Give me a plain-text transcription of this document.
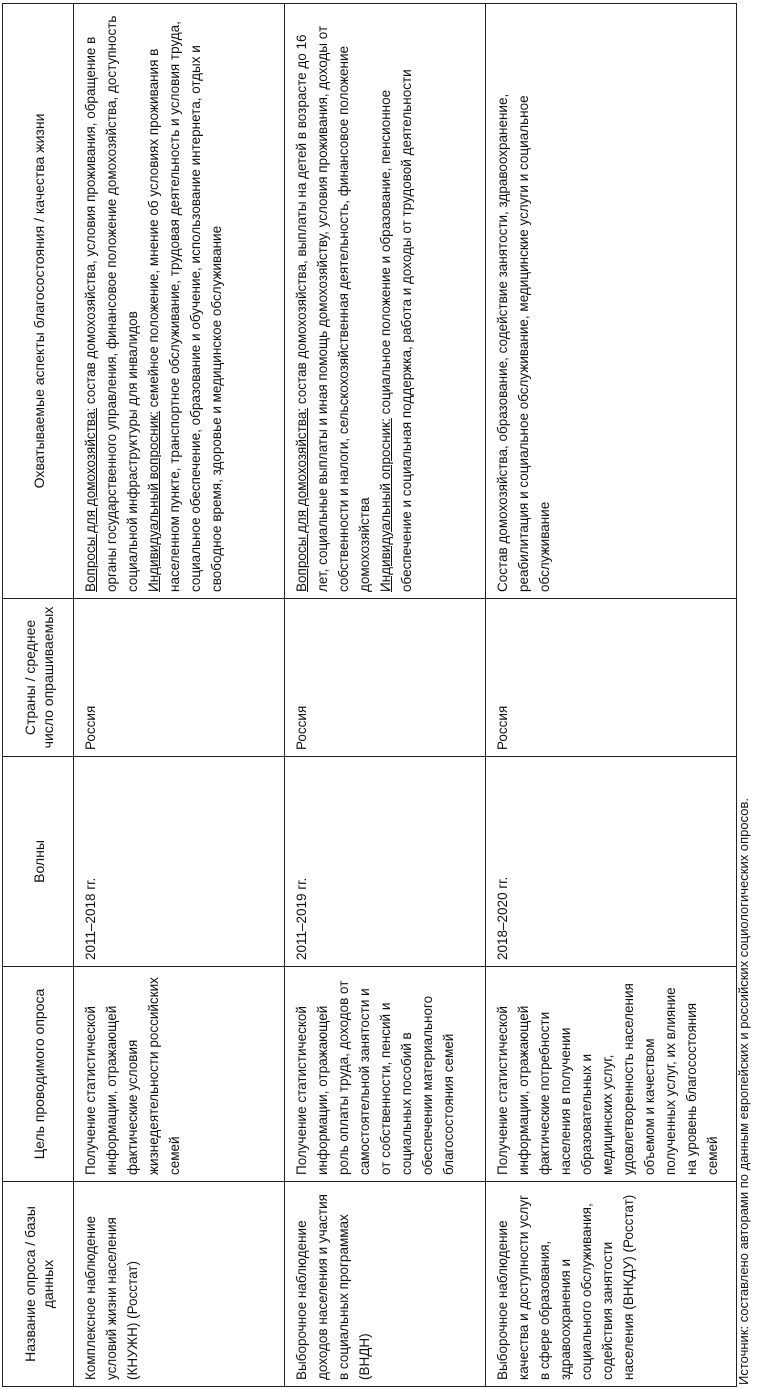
Название опроса / базы данных	Цель проводимого опроса	Волны	Страны / среднее число опрашиваемых	Охватываемые аспекты благосостояния / качества жизни
Комплексное наблюдение условий жизни населения (КНУЖН) (Росстат)	Получение статистической информации, отражающей фактические условия жизнедеятельности российских семей	2011–2018 гг.	Россия	Вопросы для домохозяйства: состав домохозяйства, условия проживания, обращение в органы государственного управления, финансовое положение домохозяйства, доступность социальной инфраструктуры для инвалидов Индивидуальный вопросник: семейное положение, мнение об условиях проживания в населенном пункте, транспортное обслуживание, трудовая деятельность и условия труда, социальное обеспечение, образование и обучение, использование интернета, отдых и свободное время, здоровье и медицинское обслуживание
Выборочное наблюдение доходов населения и участия в социальных программах (ВНДН)	Получение статистической информации, отражающей роль оплаты труда, доходов от самостоятельной занятости и от собственности, пенсий и социальных пособий в обеспечении материального благосостояния семей	2011–2019 гг.	Россия	Вопросы для домохозяйства: состав домохозяйства, выплаты на детей в возрасте до 16 лет, социальные выплаты и иная помощь домохозяйству, условия проживания, доходы от собственности и налоги, сельскохозяйственная деятельность, финансовое положение домохозяйства Индивидуальный опросник: социальное положение и образование, пенсионное обеспечение и социальная поддержка, работа и доходы от трудовой деятельности
Выборочное наблюдение качества и доступности услуг в сфере образования, здравоохранения и социального обслуживания, содействия занятости населения (ВНКДУ) (Росстат)	Получение статистической информации, отражающей фактические потребности населения в получении образовательных и медицинских услуг, удовлетворенность населения объемом и качеством полученных услуг, их влияние на уровень благосостояния семей	2018–2020 гг.	Россия	Состав домохозяйства, образование, содействие занятости, здравоохранение, реабилитация и социальное обслуживание, медицинские услуги и социальное обслуживание
Источник: составлено авторами по данным европейских и российских социологических опросов.
